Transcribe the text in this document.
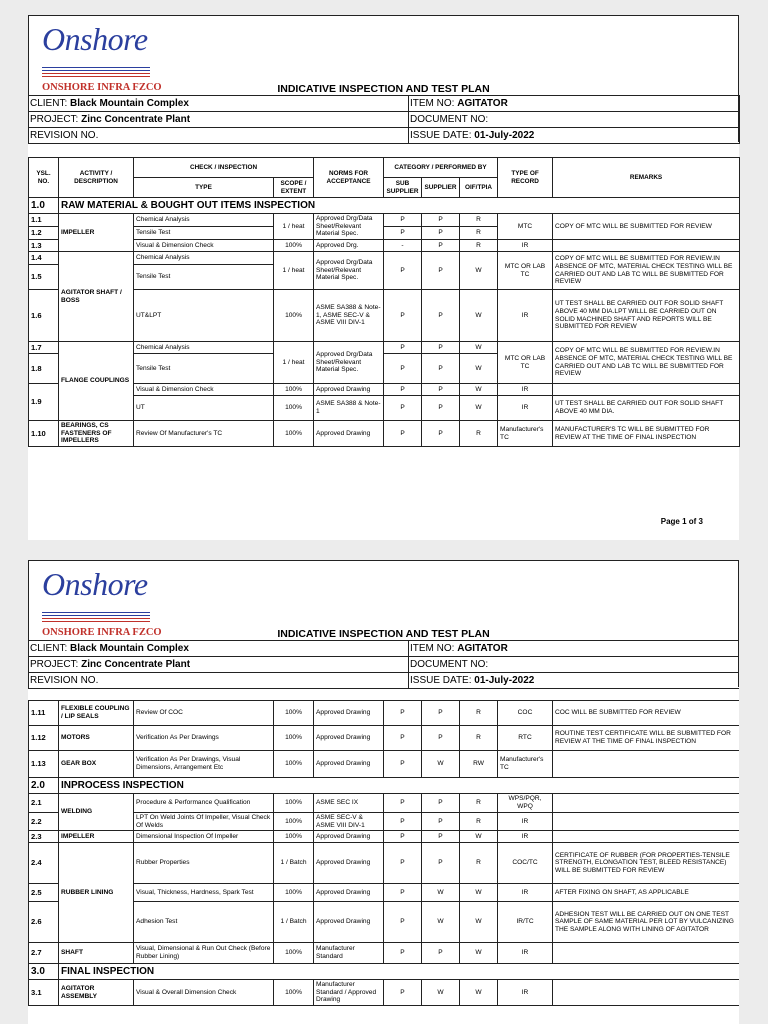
Onshore
ONSHORE INFRA FZCO	INDICATIVE INSPECTION AND TEST PLAN
CLIENT: Black Mountain Complex	ITEM NO: AGITATOR
PROJECT: Zinc Concentrate Plant	DOCUMENT NO:
REVISION NO.	ISSUE DATE: 01-July-2022
YSL. NO.	ACTIVITY / DESCRIPTION	CHECK / INSPECTION		NORMS FOR ACCEPTANCE	CATEGORY / PERFORMED BY			TYPE OF RECORD	REMARKS
		TYPE	SCOPE / EXTENT		SUB SUPPLIER	SUPPLIER	OIF/TPIA		
1.0	RAW MATERIAL & BOUGHT OUT ITEMS INSPECTION								
1.1	IMPELLER	Chemical Analysis	1 / heat	Approved Drg/Data Sheet/Relevant Material Spec.	P	P	R	MTC	COPY OF MTC WILL BE SUBMITTED FOR REVIEW
1.2		Tensile Test			P	P	R		
1.3		Visual & Dimension Check	100%	Approved Drg.	-	P	R	IR	
1.4	AGITATOR SHAFT / BOSS	Chemical Analysis	1 / heat	Approved Drg/Data Sheet/Relevant Material Spec.	P	P	W	MTC OR LAB TC	COPY OF MTC WILL BE SUBMITTED FOR REVIEW.IN ABSENCE OF MTC, MATERIAL CHECK TESTING WILL BE CARRIED OUT AND LAB TC WILL BE SUBMITTED FOR REVIEW
1.5		Tensile Test							
1.6		UT&LPT	100%	ASME SA388 & Note-1, ASME SEC-V & ASME VIII DIV-1	P	P	W	IR	UT TEST SHALL BE CARRIED OUT FOR SOLID SHAFT ABOVE 40 MM DIA.LPT WILLL BE CARRIED OUT ON SOLID MACHINED SHAFT AND REPORTS WILL BE SUBMITTED FOR REVIEW
1.7	FLANGE COUPLINGS	Chemical Analysis	1 / heat	Approved Drg/Data Sheet/Relevant Material Spec.	P	P	W	MTC OR LAB TC	COPY OF MTC WILL BE SUBMITTED FOR REVIEW.IN ABSENCE OF MTC, MATERIAL CHECK TESTING WILL BE CARRIED OUT AND LAB TC WILL BE SUBMITTED FOR REVIEW
1.8		Tensile Test			P	P	W		
1.9		Visual & Dimension Check	100%	Approved Drawing	P	P	W	IR	
		UT	100%	ASME SA388 & Note-1	P	P	W	IR	UT TEST SHALL BE CARRIED OUT FOR SOLID SHAFT ABOVE 40 MM DIA.
1.10	BEARINGS, CS FASTENERS OF IMPELLERS	Review Of Manufacturer's TC	100%	Approved Drawing	P	P	R	Manufacturer's TC	MANUFACTURER'S TC WILL BE SUBMITTED FOR REVIEW AT THE TIME OF FINAL INSPECTION
Page 1 of 3
Onshore
ONSHORE INFRA FZCO	INDICATIVE INSPECTION AND TEST PLAN
CLIENT: Black Mountain Complex	ITEM NO: AGITATOR
PROJECT: Zinc Concentrate Plant	DOCUMENT NO:
REVISION NO.	ISSUE DATE: 01-July-2022
1.11	FLEXIBLE COUPLING / LIP SEALS	Review Of COC	100%	Approved Drawing	P	P	R	COC	COC WILL BE SUBMITTED FOR REVIEW
1.12	MOTORS	Verification As Per Drawings	100%	Approved Drawing	P	P	R	RTC	ROUTINE TEST CERTIFICATE WILL BE SUBMITTED FOR REVIEW AT THE TIME OF FINAL INSPECTION
1.13	GEAR BOX	Verification As Per Drawings, Visual Dimensions, Arrangement Etc	100%	Approved Drawing	P	W	RW	Manufacturer's TC	
2.0	INPROCESS INSPECTION								
2.1	WELDING	Procedure & Performance Qualification	100%	ASME SEC IX	P	P	R	WPS/PQR, WPQ	
2.2		LPT On Weld Joints Of Impeller, Visual Check Of Welds	100%	ASME SEC-V & ASME VIII DIV-1	P	P	R	IR	
2.3	IMPELLER	Dimensional Inspection Of Impeller	100%	Approved Drawing	P	P	W	IR	
2.4	RUBBER LINING	Rubber Properties	1 / Batch	Approved Drawing	P	P	R	COC/TC	CERTIFICATE OF RUBBER (FOR PROPERTIES-TENSILE STRENGTH, ELONGATION TEST, BLEED RESISTANCE) WILL BE SUBMITTED FOR REVIEW
2.5		Visual, Thickness, Hardness, Spark Test	100%	Approved Drawing	P	W	W	IR	AFTER FIXING ON SHAFT, AS APPLICABLE
2.6		Adhesion Test	1 / Batch	Approved Drawing	P	W	W	IR/TC	ADHESION TEST WILL BE CARRIED OUT ON ONE TEST SAMPLE OF SAME MATERIAL PER LOT BY VULCANIZING THE SAMPLE ALONG WITH LINING OF AGITATOR
2.7	SHAFT	Visual, Dimensional & Run Out Check (Before Rubber Lining)	100%	Manufacturer Standard	P	P	W	IR	
3.0	FINAL INSPECTION								
3.1	AGITATOR ASSEMBLY	Visual & Overall Dimension Check	100%	Manufacturer Standard / Approved Drawing	P	W	W	IR	
